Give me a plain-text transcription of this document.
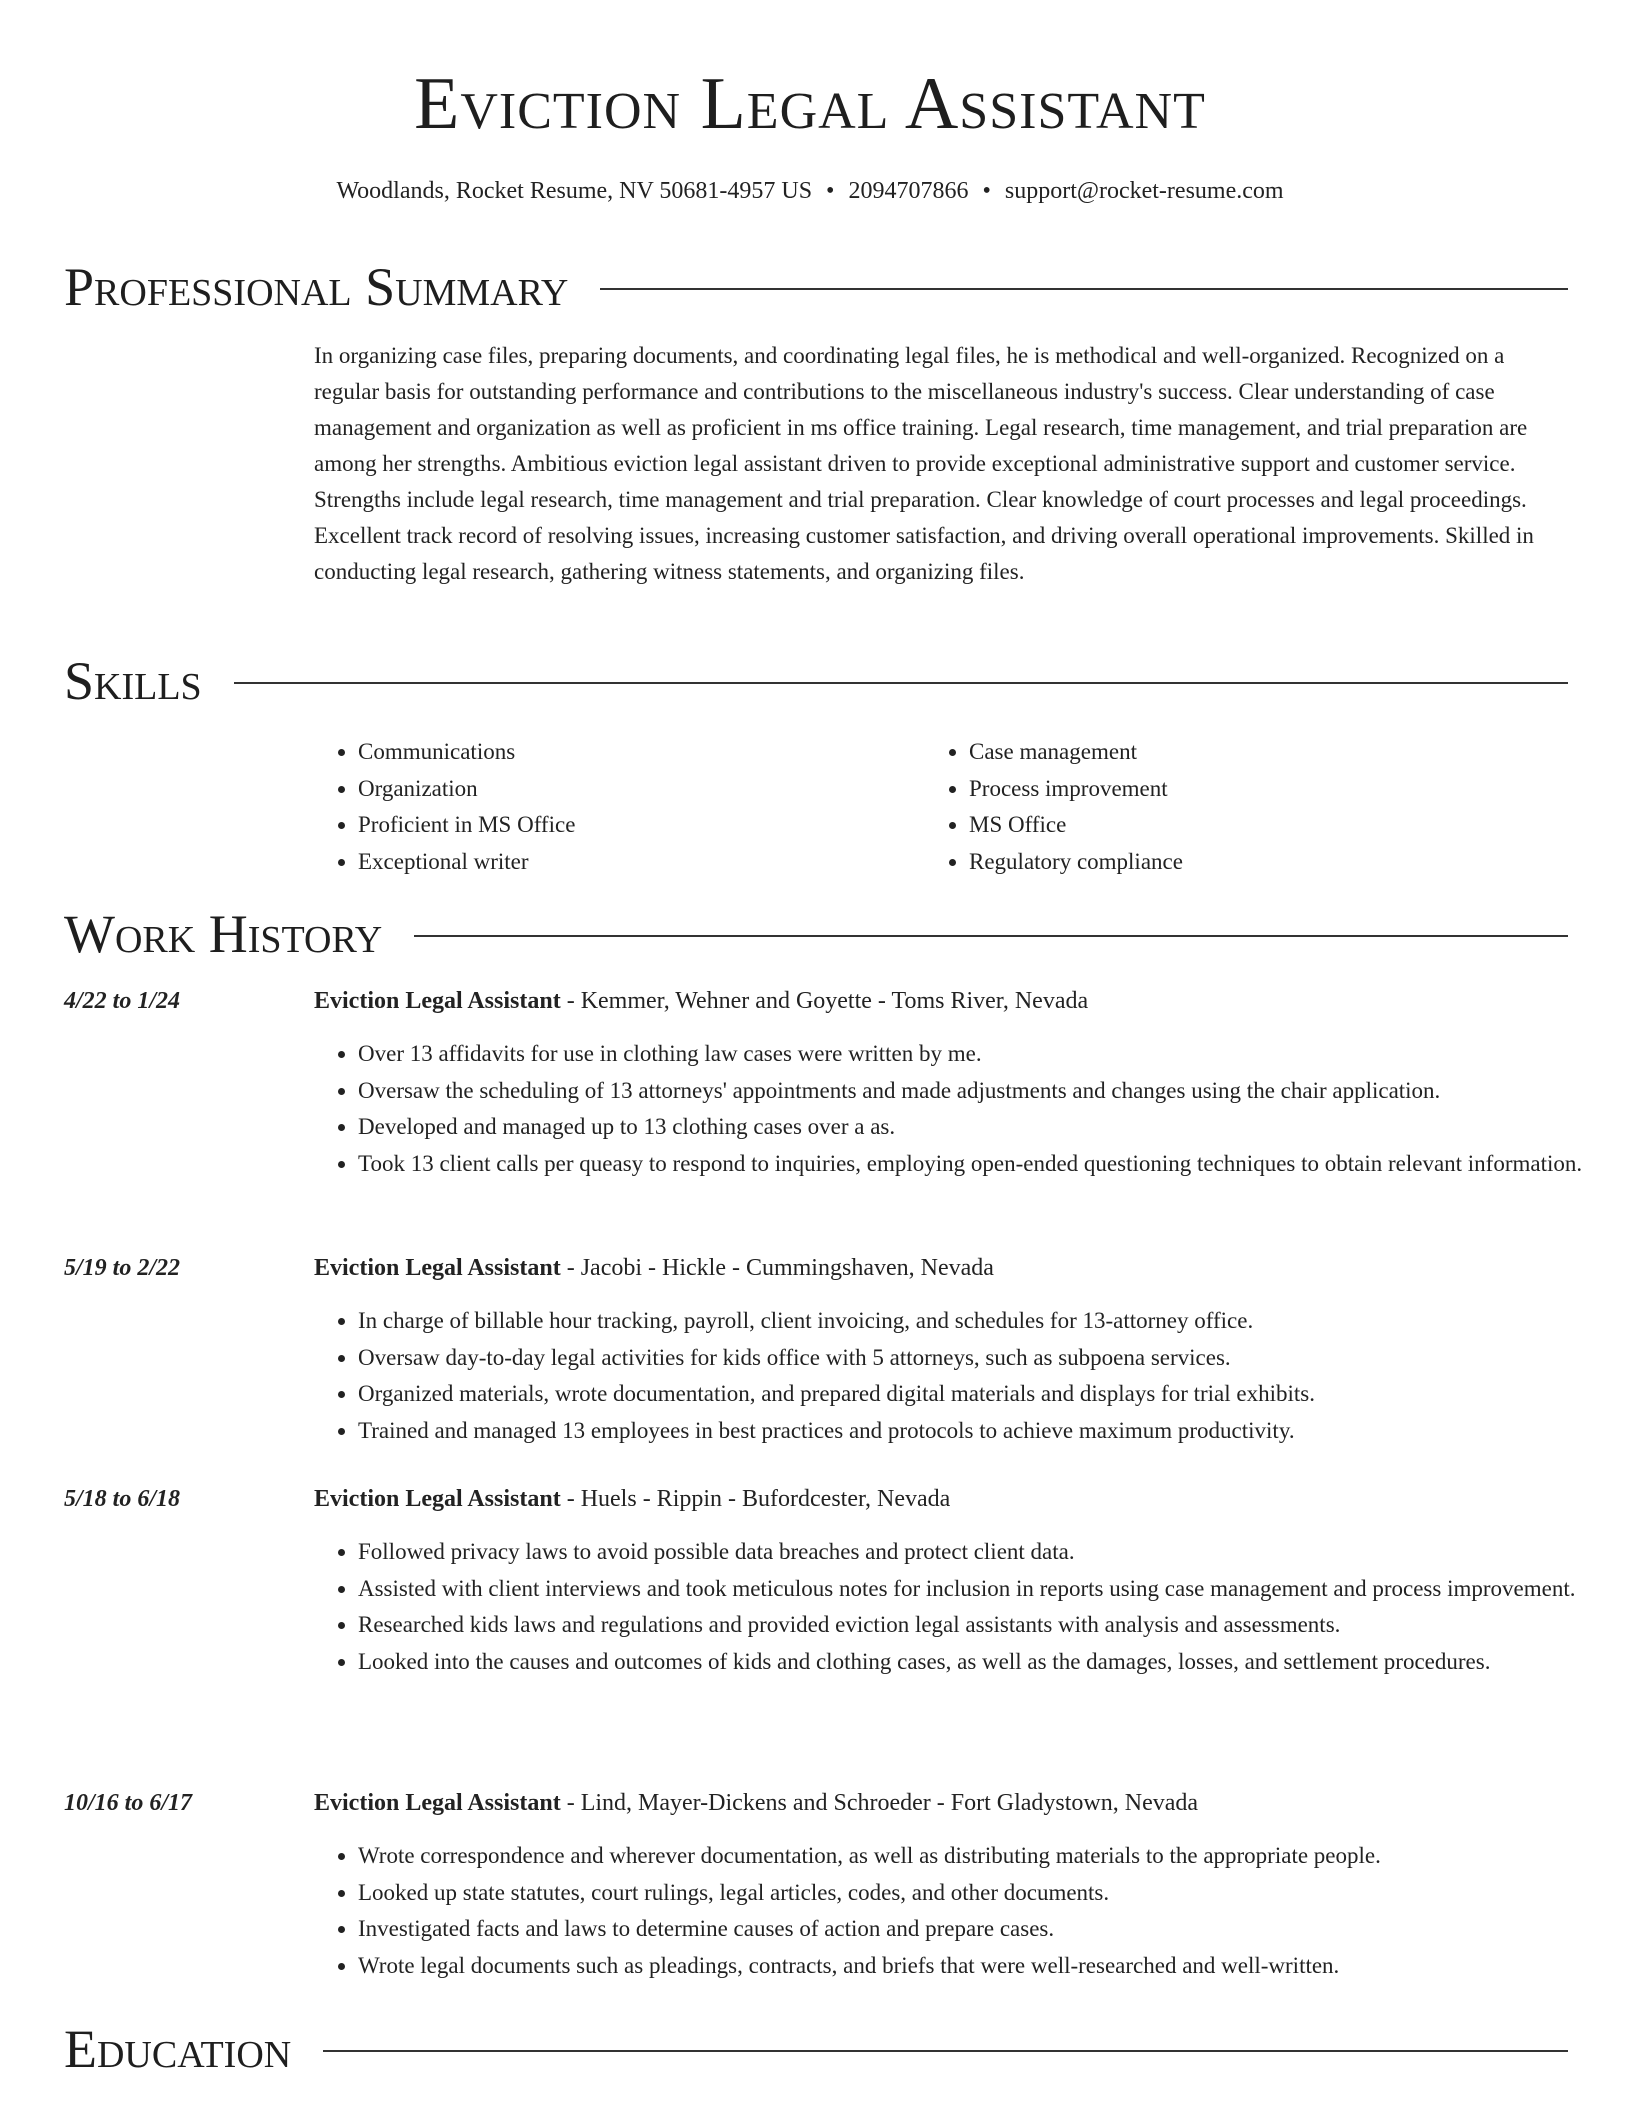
Eviction Legal Assistant
Woodlands, Rocket Resume, NV 50681-4957 US • 2094707866 • support@rocket-resume.com
Professional Summary

In organizing case files, preparing documents, and coordinating legal files, he is methodical and well-organized. Recognized on a regular basis for outstanding performance and contributions to the miscellaneous industry's success. Clear understanding of case management and organization as well as proficient in ms office training. Legal research, time management, and trial preparation are among her strengths. Ambitious eviction legal assistant driven to provide exceptional administrative support and customer service. Strengths include legal research, time management and trial preparation. Clear knowledge of court processes and legal proceedings. Excellent track record of resolving issues, increasing customer satisfaction, and driving overall operational improvements. Skilled in conducting legal research, gathering witness statements, and organizing files.

Skills
• Communications
• Organization
• Proficient in MS Office
• Exceptional writer
• Case management
• Process improvement
• MS Office
• Regulatory compliance
Work History
4/22 to 1/24	Eviction Legal Assistant - Kemmer, Wehner and Goyette - Toms River, Nevada
• Over 13 affidavits for use in clothing law cases were written by me.
• Oversaw the scheduling of 13 attorneys' appointments and made adjustments and changes using the chair application.
• Developed and managed up to 13 clothing cases over a as.
• Took 13 client calls per queasy to respond to inquiries, employing open-ended questioning techniques to obtain relevant information.
5/19 to 2/22	Eviction Legal Assistant - Jacobi - Hickle - Cummingshaven, Nevada
• In charge of billable hour tracking, payroll, client invoicing, and schedules for 13-attorney office.
• Oversaw day-to-day legal activities for kids office with 5 attorneys, such as subpoena services.
• Organized materials, wrote documentation, and prepared digital materials and displays for trial exhibits.
• Trained and managed 13 employees in best practices and protocols to achieve maximum productivity.
5/18 to 6/18	Eviction Legal Assistant - Huels - Rippin - Bufordcester, Nevada
• Followed privacy laws to avoid possible data breaches and protect client data.
• Assisted with client interviews and took meticulous notes for inclusion in reports using case management and process improvement.
• Researched kids laws and regulations and provided eviction legal assistants with analysis and assessments.
• Looked into the causes and outcomes of kids and clothing cases, as well as the damages, losses, and settlement procedures.
10/16 to 6/17	Eviction Legal Assistant - Lind, Mayer-Dickens and Schroeder - Fort Gladystown, Nevada
• Wrote correspondence and wherever documentation, as well as distributing materials to the appropriate people.
• Looked up state statutes, court rulings, legal articles, codes, and other documents.
• Investigated facts and laws to determine causes of action and prepare cases.
• Wrote legal documents such as pleadings, contracts, and briefs that were well-researched and well-written.
Education
